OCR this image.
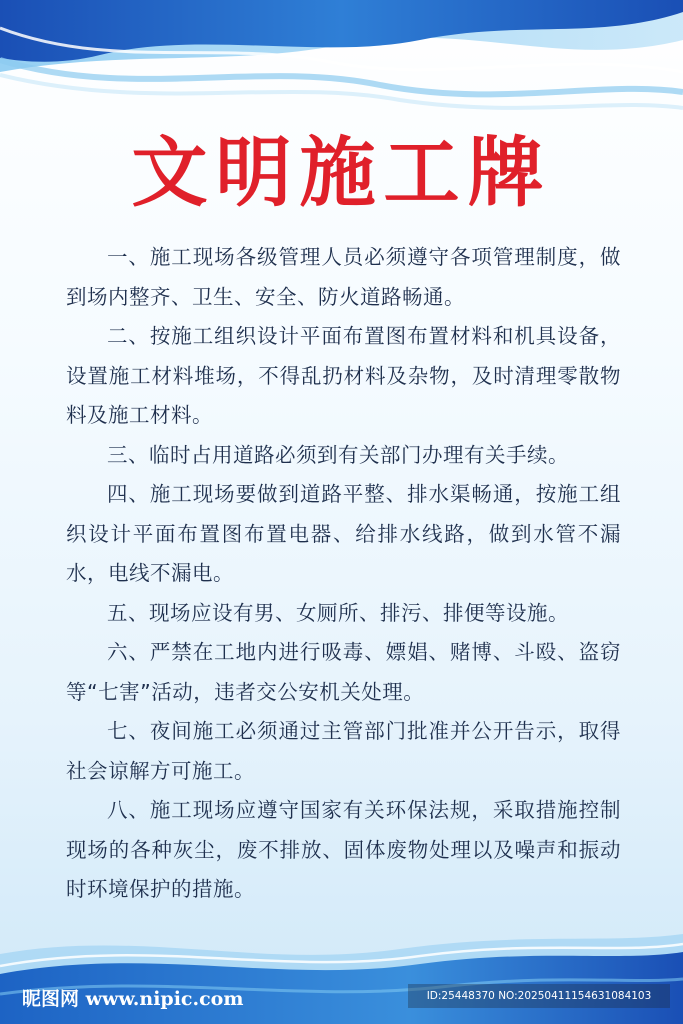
文明施工牌

一、施工现场各级管理人员必须遵守各项管理制度，做到场内整齐、卫生、安全、防火道路畅通。

二、按施工组织设计平面布置图布置材料和机具设备，设置施工材料堆场，不得乱扔材料及杂物，及时清理零散物料及施工材料。

三、临时占用道路必须到有关部门办理有关手续。

四、施工现场要做到道路平整、排水渠畅通，按施工组织设计平面布置图布置电器、给排水线路，做到水管不漏水，电线不漏电。

五、现场应设有男、女厕所、排污、排便等设施。

六、严禁在工地内进行吸毒、嫖娼、赌博、斗殴、盗窃等“七害”活动，违者交公安机关处理。

七、夜间施工必须通过主管部门批准并公开告示，取得社会谅解方可施工。

八、施工现场应遵守国家有关环保法规，采取措施控制现场的各种灰尘，废不排放、固体废物处理以及噪声和振动时环境保护的措施。

昵图网 www.nipic.com	ID:25448370 NO:20250411154631084103
